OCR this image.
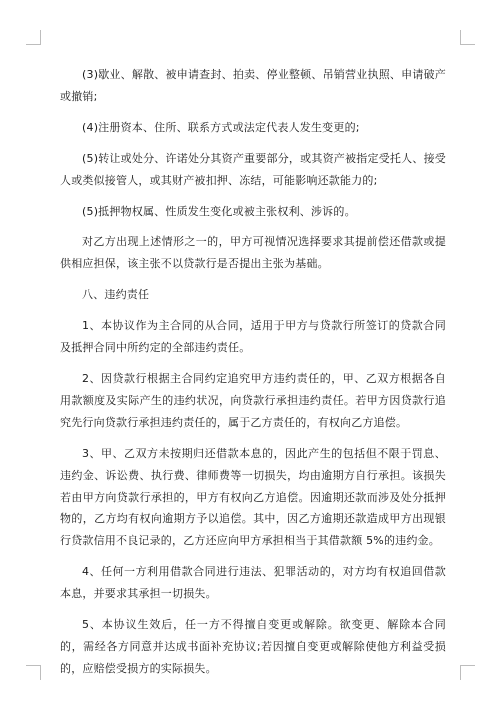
(3)歇业、解散、被申请查封、拍卖、停业整顿、吊销营业执照、申请破产或撤销;

(4)注册资本、住所、联系方式或法定代表人发生变更的;

(5)转让或处分、许诺处分其资产重要部分，或其资产被指定受托人、接受人或类似接管人，或其财产被扣押、冻结，可能影响还款能力的;

(5)抵押物权属、性质发生变化或被主张权利、涉诉的。

对乙方出现上述情形之一的，甲方可视情况选择要求其提前偿还借款或提供相应担保，该主张不以贷款行是否提出主张为基础。

八、违约责任

1、本协议作为主合同的从合同，适用于甲方与贷款行所签订的贷款合同及抵押合同中所约定的全部违约责任。

2、因贷款行根据主合同约定追究甲方违约责任的，甲、乙双方根据各自用款额度及实际产生的违约状况，向贷款行承担违约责任。若甲方因贷款行追究先行向贷款行承担违约责任的，属于乙方责任的，有权向乙方追偿。

3、甲、乙双方未按期归还借款本息的，因此产生的包括但不限于罚息、违约金、诉讼费、执行费、律师费等一切损失，均由逾期方自行承担。该损失若由甲方向贷款行承担的，甲方有权向乙方追偿。因逾期还款而涉及处分抵押物的，乙方均有权向逾期方予以追偿。其中，因乙方逾期还款造成甲方出现银行贷款信用不良记录的，乙方还应向甲方承担相当于其借款额 5%的违约金。

4、任何一方利用借款合同进行违法、犯罪活动的，对方均有权追回借款本息，并要求其承担一切损失。

5、本协议生效后，任一方不得擅自变更或解除。欲变更、解除本合同的，需经各方同意并达成书面补充协议;若因擅自变更或解除使他方利益受损的，应赔偿受损方的实际损失。
